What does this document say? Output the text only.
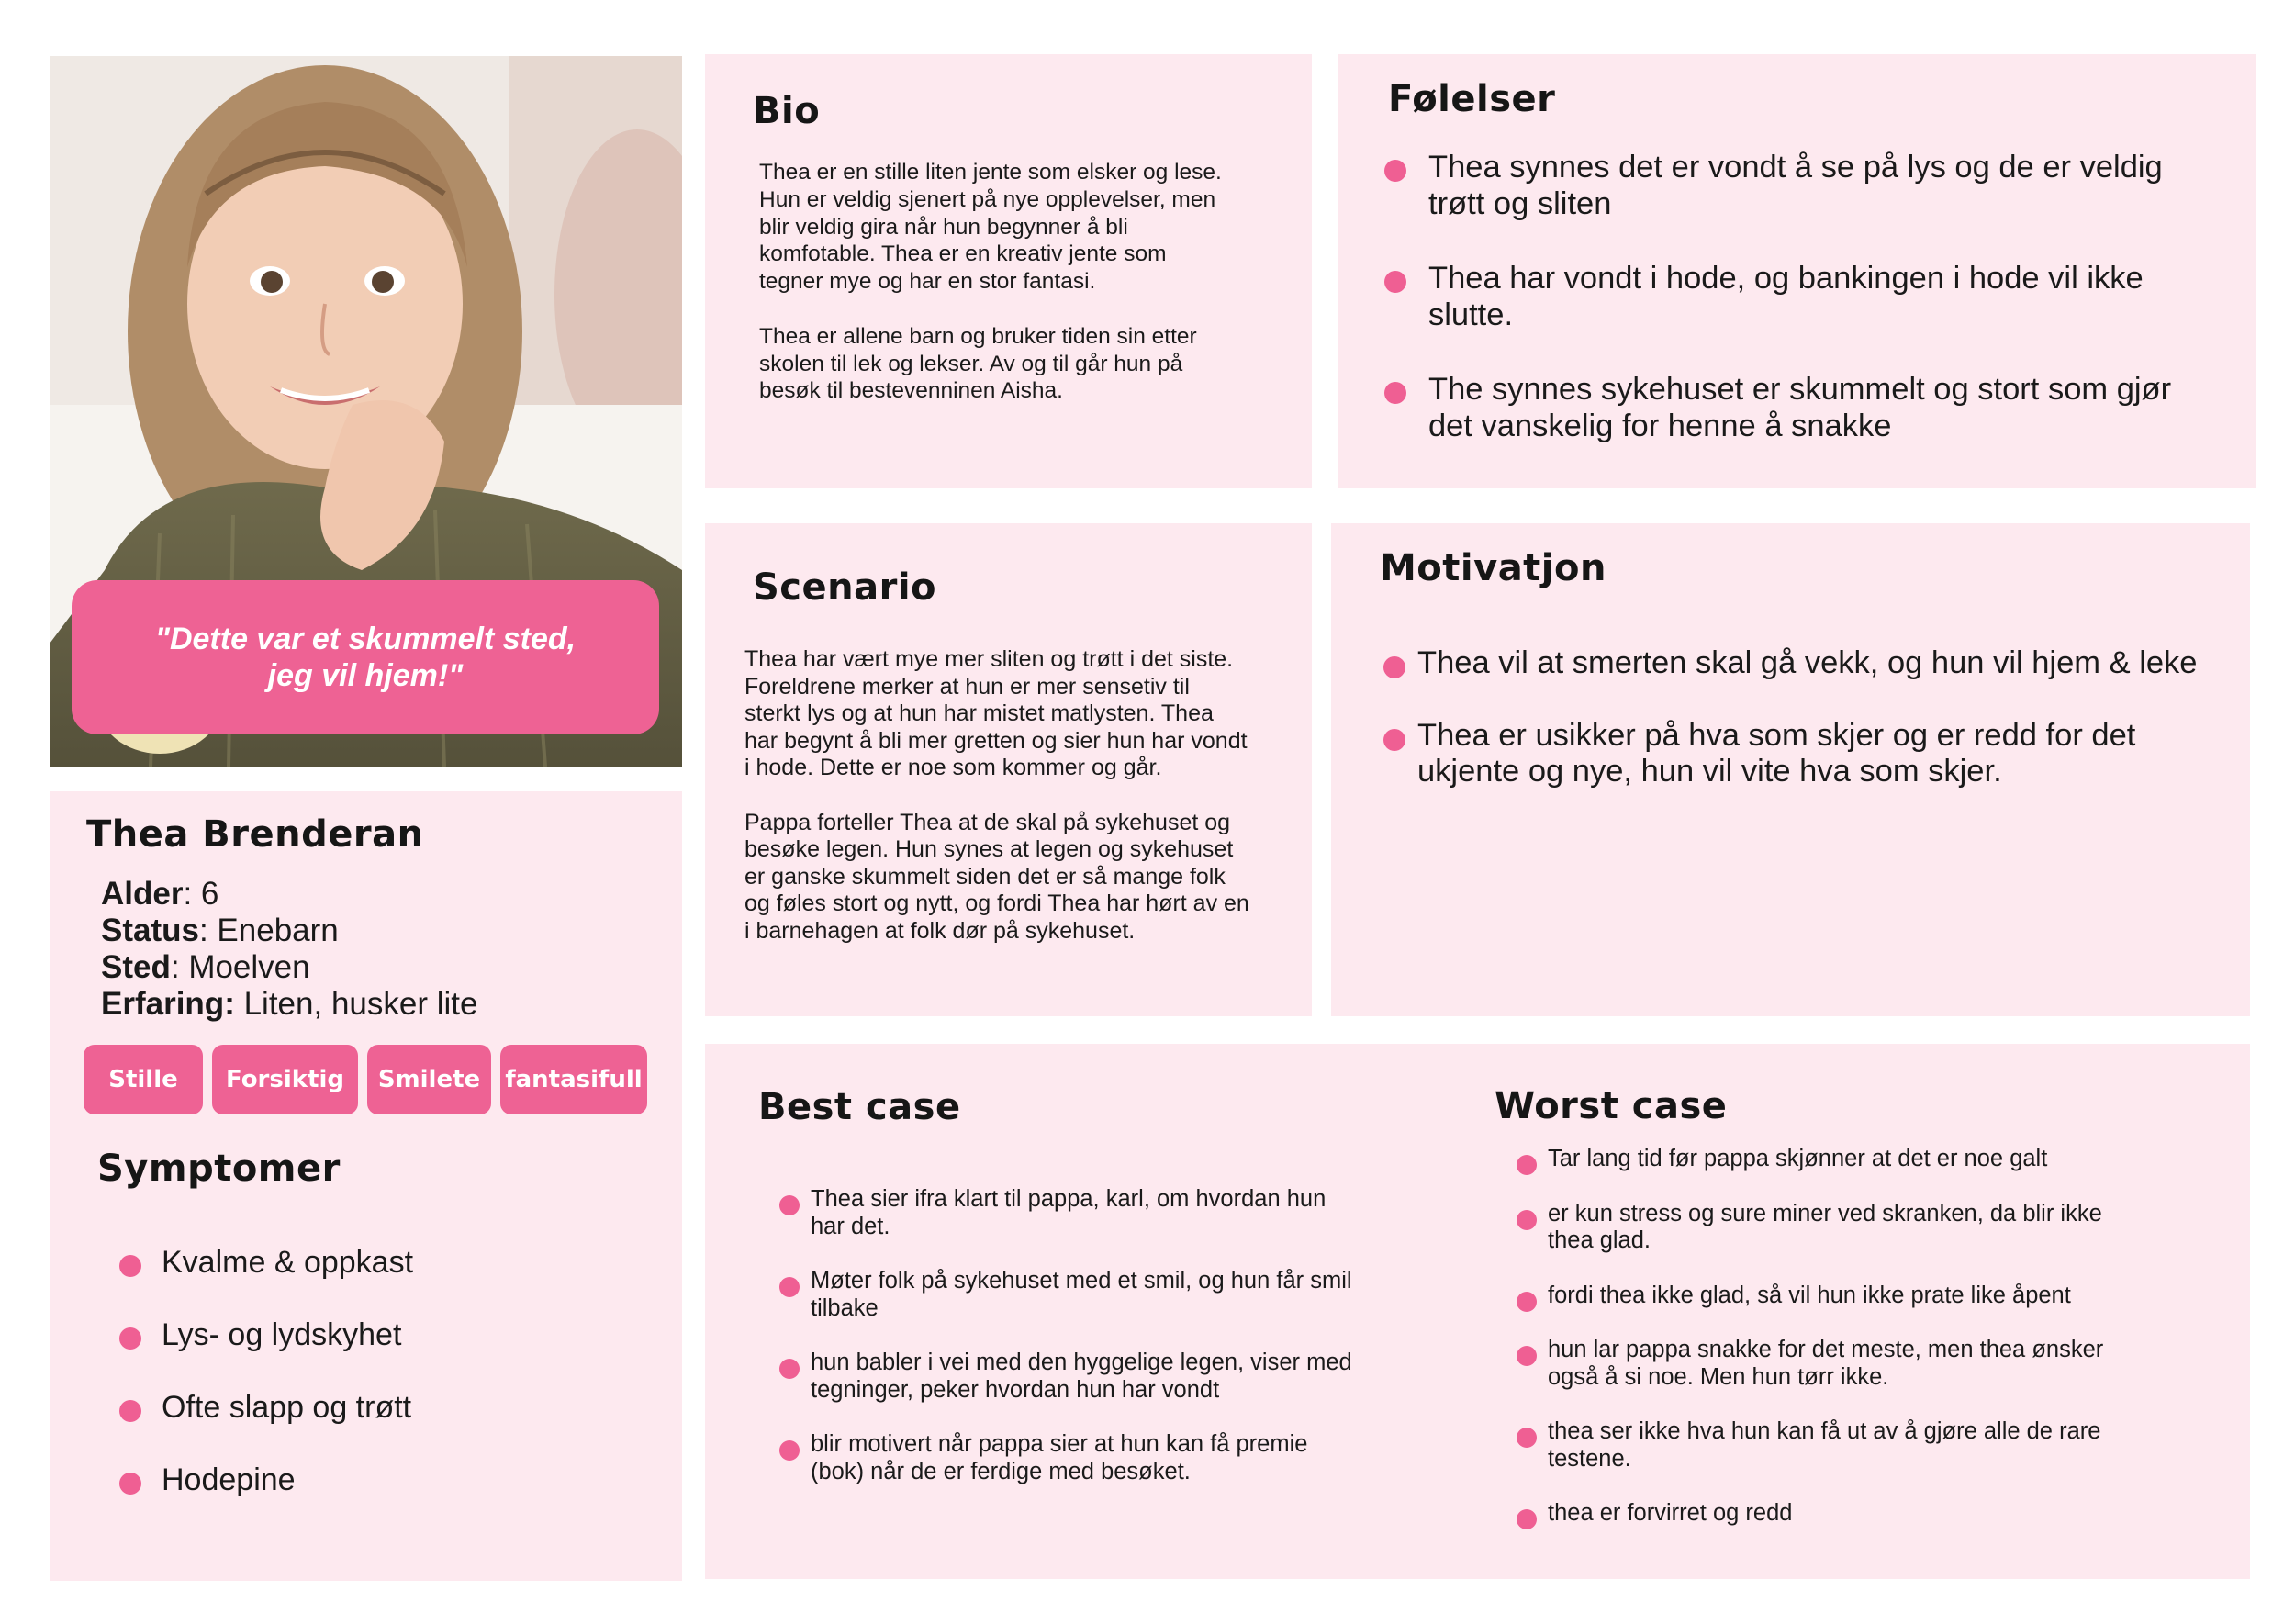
"Dette var et skummelt sted,
jeg vil hjem!"
Thea Brenderan
Alder: 6
Status: Enebarn
Sted: Moelven
Erfaring: Liten, husker lite
Stille	Forsiktig	Smilete	fantasifull
Symptomer
Kvalme & oppkast
Lys- og lydskyhet
Ofte slapp og trøtt
Hodepine
Bio
Thea er en stille liten jente som elsker og lese.
Hun er veldig sjenert på nye opplevelser, men
blir veldig gira når hun begynner å bli
komfotable. Thea er en kreativ jente som
tegner mye og har en stor fantasi.

Thea er allene barn og bruker tiden sin etter
skolen til lek og lekser. Av og til går hun på
besøk til bestevenninen Aisha.
Følelser
Thea synnes det er vondt å se på lys og de er veldig
trøtt og sliten
Thea har vondt i hode, og bankingen i hode vil ikke
slutte.
The synnes sykehuset er skummelt og stort som gjør
det vanskelig for henne å snakke
Scenario
Thea har vært mye mer sliten og trøtt i det siste.
Foreldrene merker at hun er mer sensetiv til
sterkt lys og at hun har mistet matlysten. Thea
har begynt å bli mer gretten og sier hun har vondt
i hode. Dette er noe som kommer og går.

Pappa forteller Thea at de skal på sykehuset og
besøke legen. Hun synes at legen og sykehuset
er ganske skummelt siden det er så mange folk
og føles stort og nytt, og fordi Thea har hørt av en
i barnehagen at folk dør på sykehuset.
Motivatjon
Thea vil at smerten skal gå vekk, og hun vil hjem & leke
Thea er usikker på hva som skjer og er redd for det
ukjente og nye, hun vil vite hva som skjer.
Best case
Thea sier ifra klart til pappa, karl, om hvordan hun
har det.
Møter folk på sykehuset med et smil, og hun får smil
tilbake
hun babler i vei med den hyggelige legen, viser med
tegninger, peker hvordan hun har vondt
blir motivert når pappa sier at hun kan få premie
(bok) når de er ferdige med besøket.
Worst case
Tar lang tid før pappa skjønner at det er noe galt
er kun stress og sure miner ved skranken, da blir ikke
thea glad.
fordi thea ikke glad, så vil hun ikke prate like åpent
hun lar pappa snakke for det meste, men thea ønsker
også å si noe. Men hun tørr ikke.
thea ser ikke hva hun kan få ut av å gjøre alle de rare
testene.
thea er forvirret og redd
